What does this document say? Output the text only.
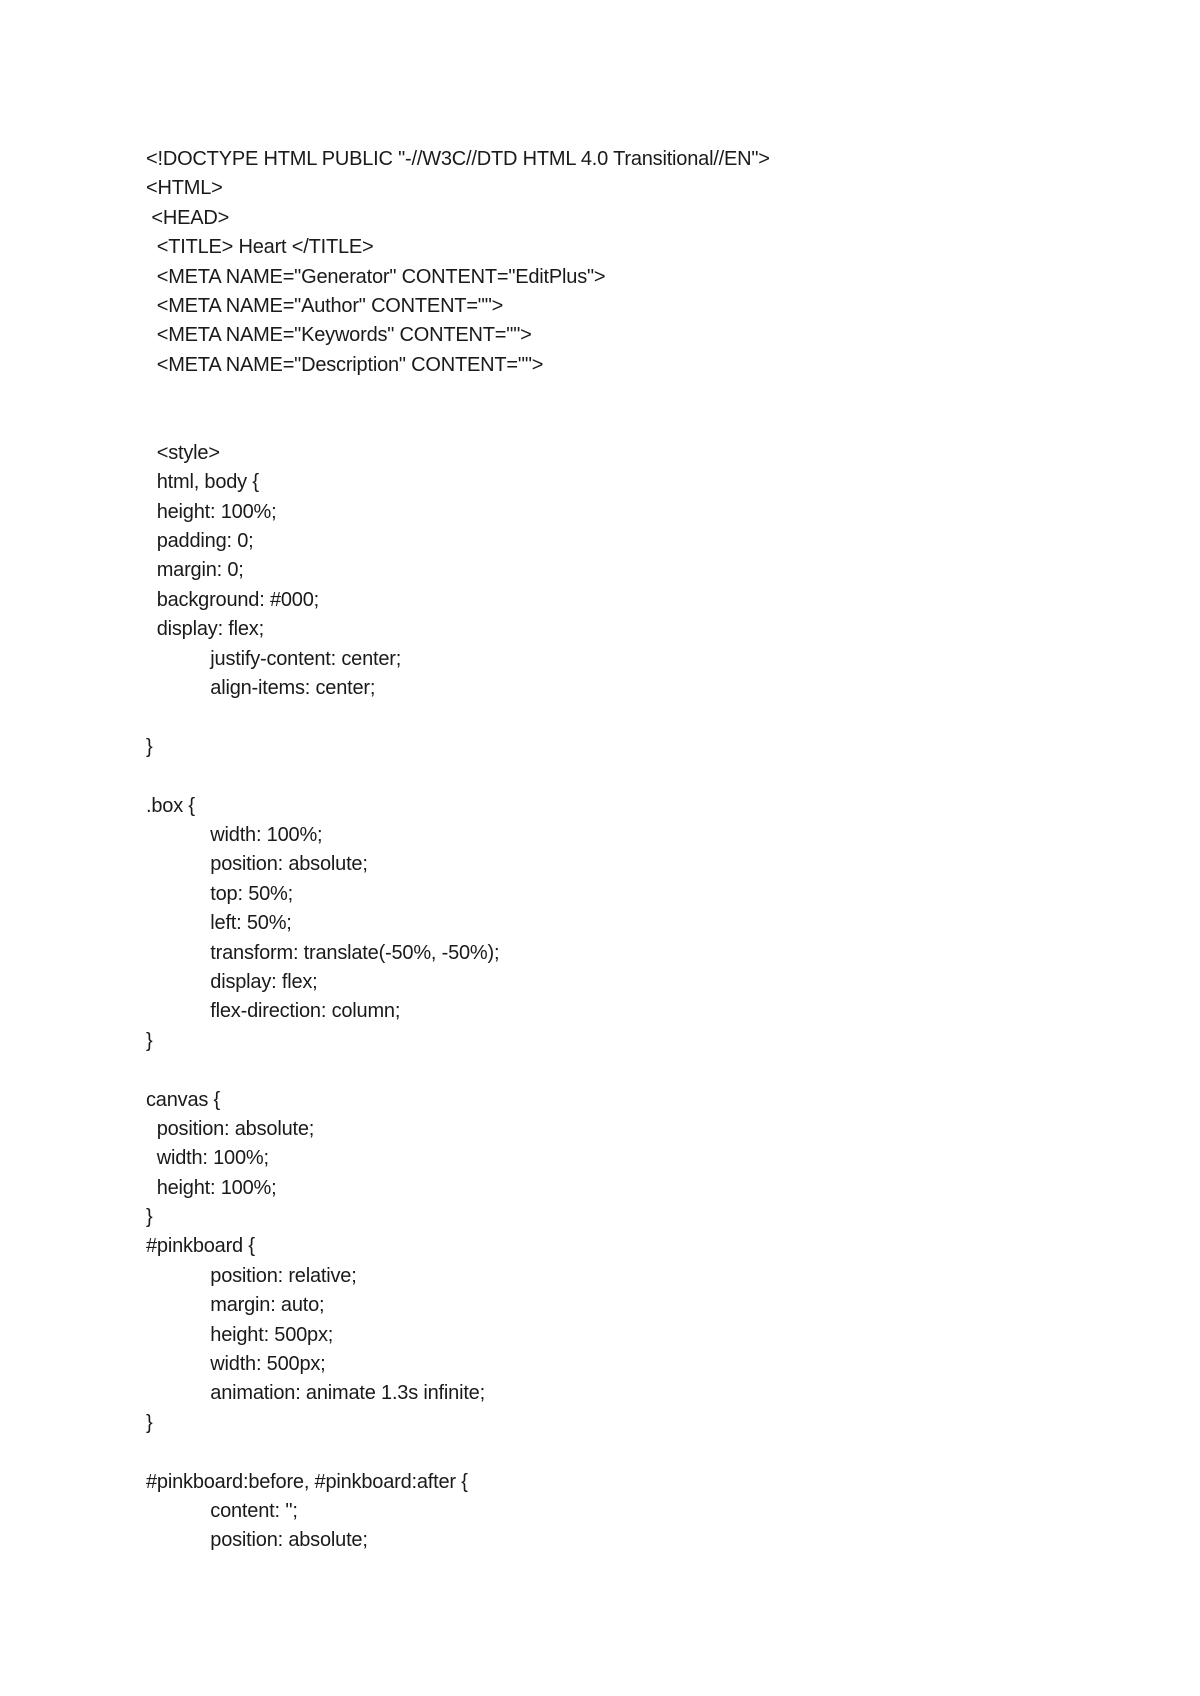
<!DOCTYPE HTML PUBLIC "-//W3C//DTD HTML 4.0 Transitional//EN">
<HTML>
<HEAD>
<TITLE> Heart </TITLE>
<META NAME="Generator" CONTENT="EditPlus">
<META NAME="Author" CONTENT="">
<META NAME="Keywords" CONTENT="">
<META NAME="Description" CONTENT="">
<style>
html, body {
height: 100%;
padding: 0;
margin: 0;
background: #000;
display: flex;
justify-content: center;
align-items: center;
}
.box {
width: 100%;
position: absolute;
top: 50%;
left: 50%;
transform: translate(-50%, -50%);
display: flex;
flex-direction: column;
}
canvas {
position: absolute;
width: 100%;
height: 100%;
}
#pinkboard {
position: relative;
margin: auto;
height: 500px;
width: 500px;
animation: animate 1.3s infinite;
}
#pinkboard:before, #pinkboard:after {
content: '';
position: absolute;
